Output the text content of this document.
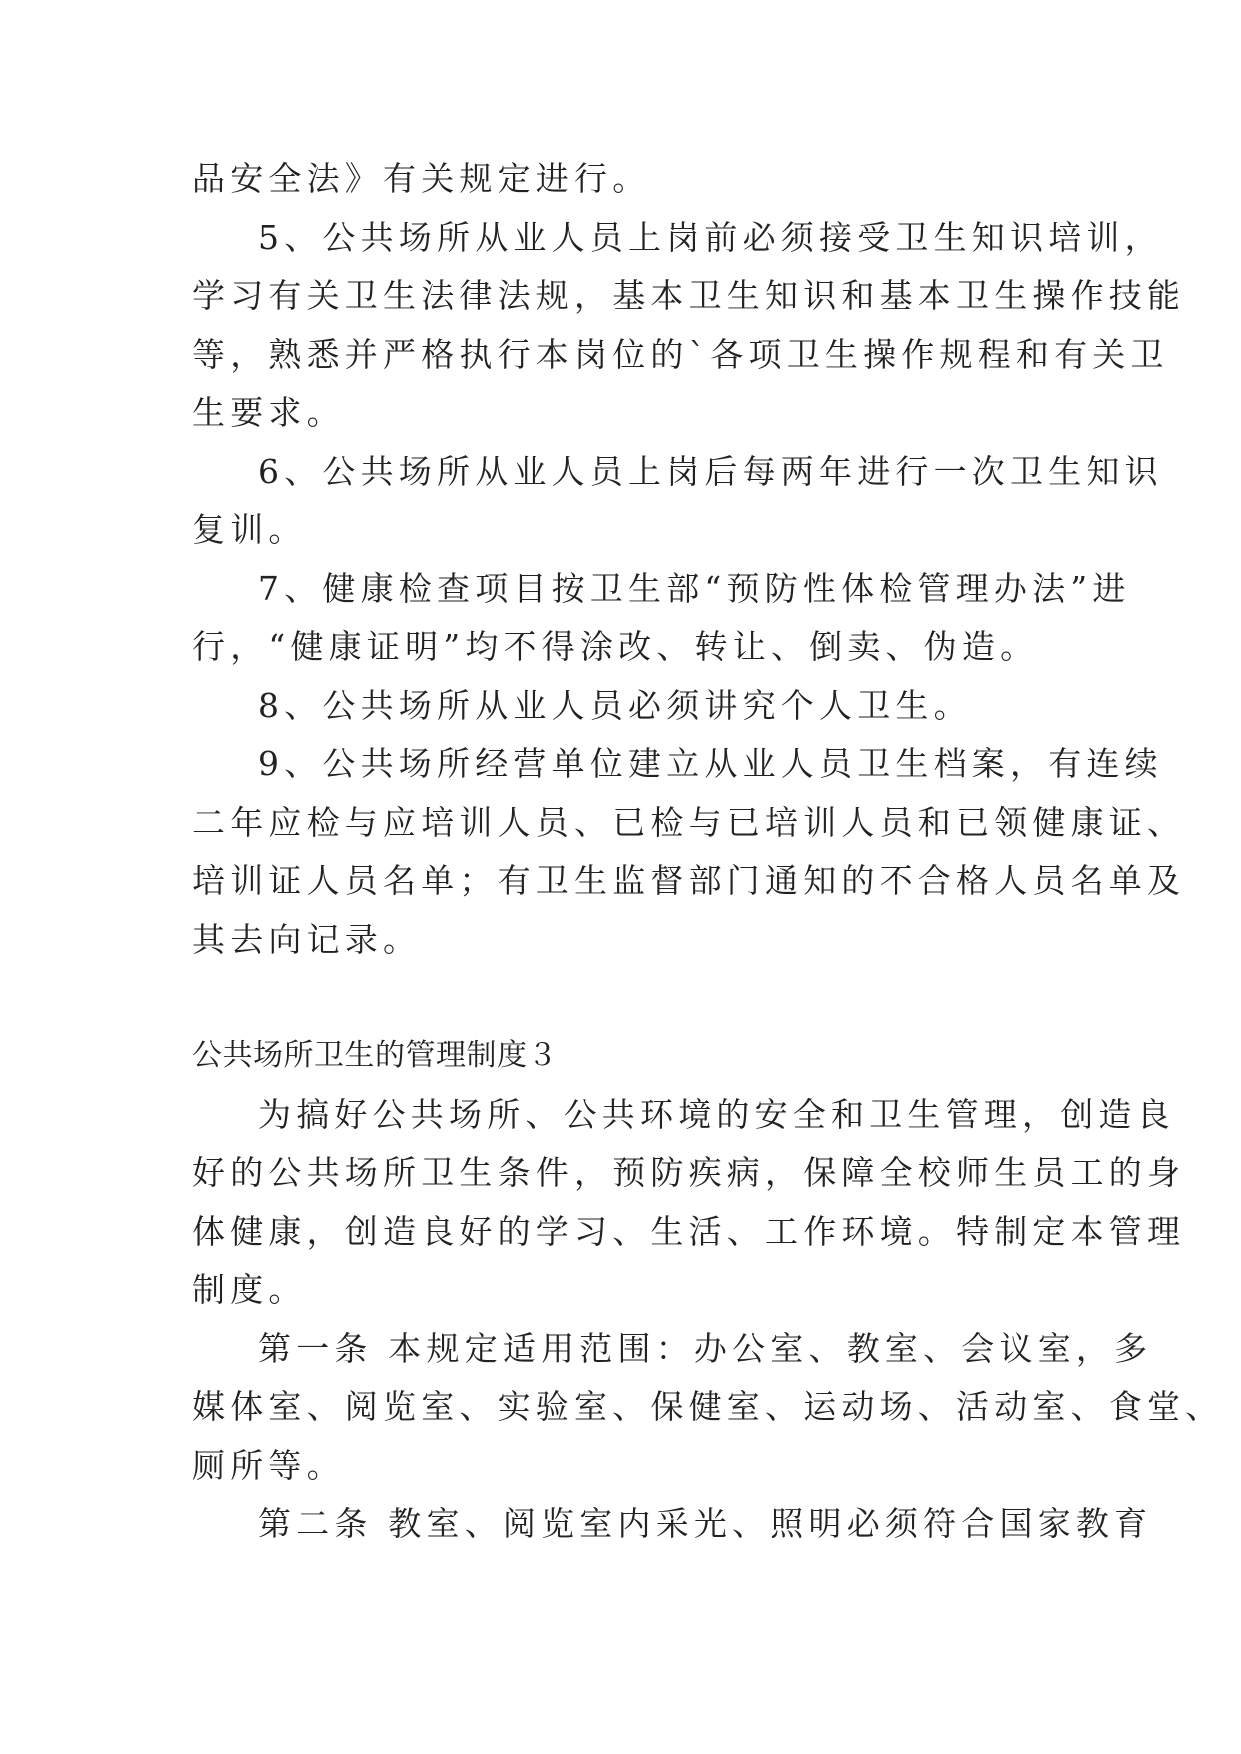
品安全法》有关规定进行。
5、公共场所从业人员上岗前必须接受卫生知识培训，
学习有关卫生法律法规，基本卫生知识和基本卫生操作技能
等，熟悉并严格执行本岗位的`各项卫生操作规程和有关卫
生要求。
6、公共场所从业人员上岗后每两年进行一次卫生知识
复训。
7、健康检查项目按卫生部“预防性体检管理办法”进
行，“健康证明”均不得涂改、转让、倒卖、伪造。
8、公共场所从业人员必须讲究个人卫生。
9、公共场所经营单位建立从业人员卫生档案，有连续
二年应检与应培训人员、已检与已培训人员和已领健康证、
培训证人员名单；有卫生监督部门通知的不合格人员名单及
其去向记录。
公共场所卫生的管理制度３
为搞好公共场所、公共环境的安全和卫生管理，创造良
好的公共场所卫生条件，预防疾病，保障全校师生员工的身
体健康，创造良好的学习、生活、工作环境。特制定本管理
制度。
第一条 本规定适用范围：办公室、教室、会议室，多
媒体室、阅览室、实验室、保健室、运动场、活动室、食堂、
厕所等。
第二条 教室、阅览室内采光、照明必须符合国家教育
